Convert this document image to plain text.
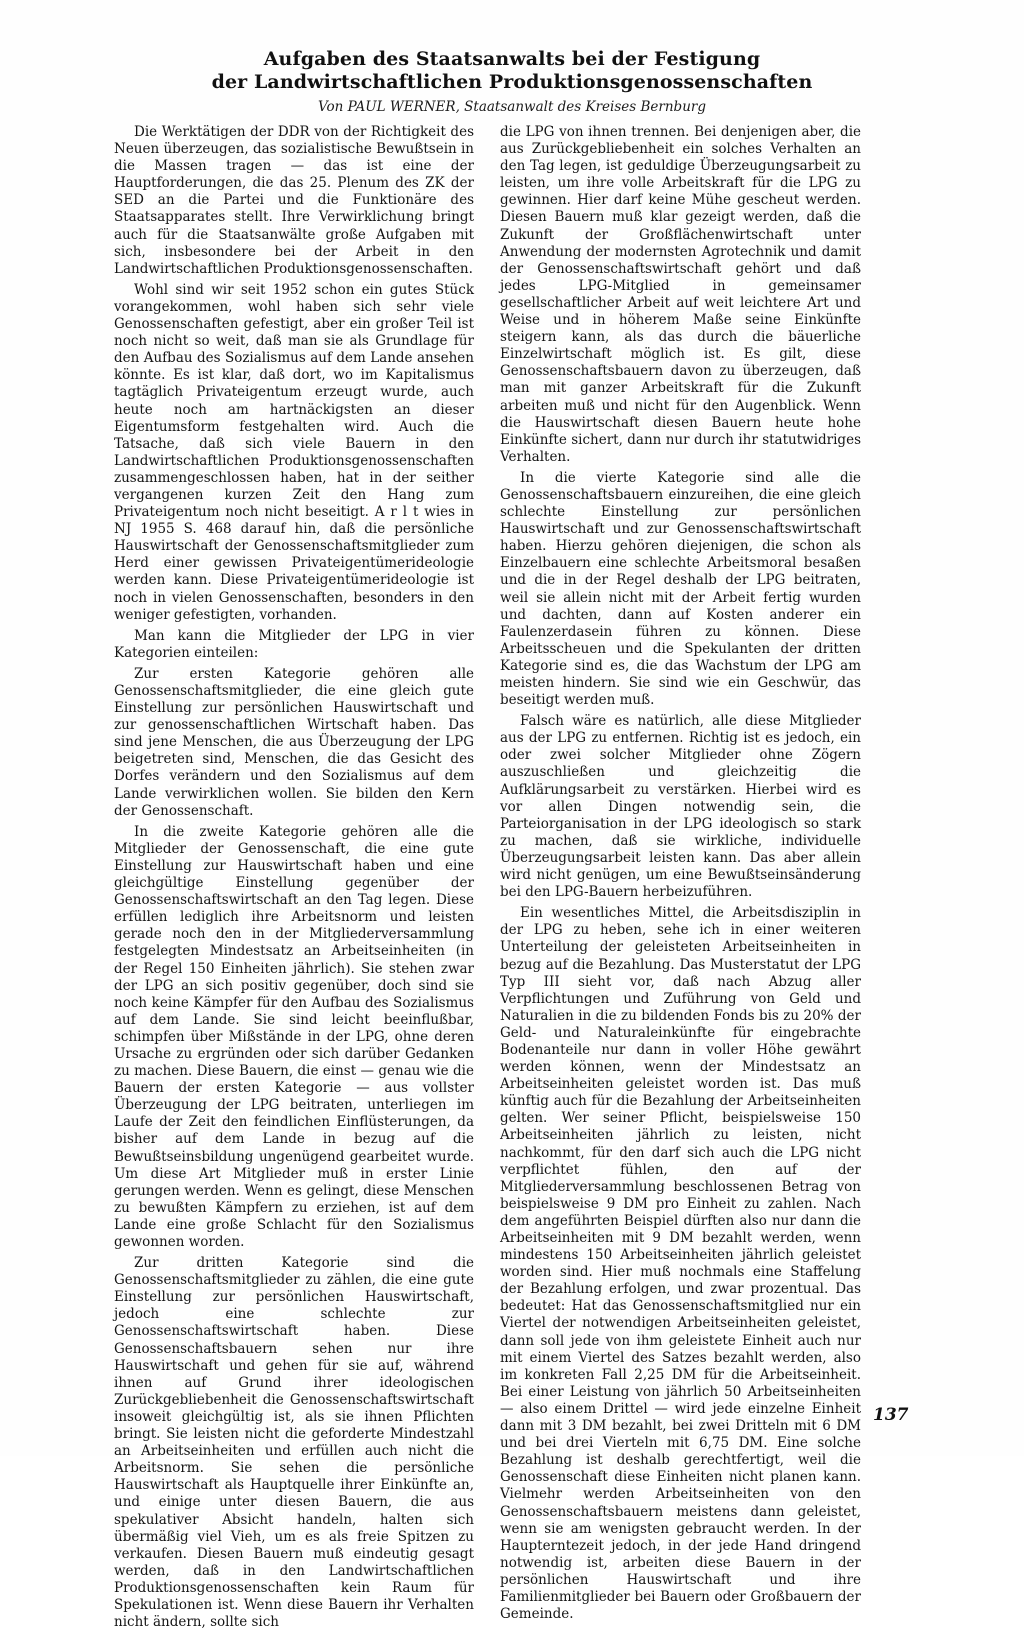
Aufgaben des Staatsanwalts bei der Festigung
der Landwirtschaftlichen Produktionsgenossenschaften
Von PAUL WERNER, Staatsanwalt des Kreises Bernburg

Die Werktätigen der DDR von der Richtigkeit des Neuen überzeugen, das sozialistische Bewußtsein in die Massen tragen — das ist eine der Hauptforderungen, die das 25. Plenum des ZK der SED an die Partei und die Funktionäre des Staatsapparates stellt. Ihre Verwirklichung bringt auch für die Staatsanwälte große Aufgaben mit sich, insbesondere bei der Arbeit in den Landwirtschaftlichen Produktionsgenossenschaften.

Wohl sind wir seit 1952 schon ein gutes Stück vorangekommen, wohl haben sich sehr viele Genossenschaften gefestigt, aber ein großer Teil ist noch nicht so weit, daß man sie als Grundlage für den Aufbau des Sozialismus auf dem Lande ansehen könnte. Es ist klar, daß dort, wo im Kapitalismus tagtäglich Privateigentum erzeugt wurde, auch heute noch am hartnäckigsten an dieser Eigentumsform festgehalten wird. Auch die Tatsache, daß sich viele Bauern in den Landwirtschaftlichen Produktionsgenossenschaften zusammengeschlossen haben, hat in der seither vergangenen kurzen Zeit den Hang zum Privateigentum noch nicht beseitigt. A r l t wies in NJ 1955 S. 468 darauf hin, daß die persönliche Hauswirtschaft der Genossenschaftsmitglieder zum Herd einer gewissen Privateigentümerideologie werden kann. Diese Privateigentümerideologie ist noch in vielen Genossenschaften, besonders in den weniger gefestigten, vorhanden.

Man kann die Mitglieder der LPG in vier Kategorien einteilen:

Zur ersten Kategorie gehören alle Genossenschaftsmitglieder, die eine gleich gute Einstellung zur persönlichen Hauswirtschaft und zur genossenschaftlichen Wirtschaft haben. Das sind jene Menschen, die aus Überzeugung der LPG beigetreten sind, Menschen, die das Gesicht des Dorfes verändern und den Sozialismus auf dem Lande verwirklichen wollen. Sie bilden den Kern der Genossenschaft.

In die zweite Kategorie gehören alle die Mitglieder der Genossenschaft, die eine gute Einstellung zur Hauswirtschaft haben und eine gleichgültige Einstellung gegenüber der Genossenschaftswirtschaft an den Tag legen. Diese erfüllen lediglich ihre Arbeitsnorm und leisten gerade noch den in der Mitgliederversammlung festgelegten Mindestsatz an Arbeitseinheiten (in der Regel 150 Einheiten jährlich). Sie stehen zwar der LPG an sich positiv gegenüber, doch sind sie noch keine Kämpfer für den Aufbau des Sozialismus auf dem Lande. Sie sind leicht beeinflußbar, schimpfen über Mißstände in der LPG, ohne deren Ursache zu ergründen oder sich darüber Gedanken zu machen. Diese Bauern, die einst — genau wie die Bauern der ersten Kategorie — aus vollster Überzeugung der LPG beitraten, unterliegen im Laufe der Zeit den feindlichen Einflüsterungen, da bisher auf dem Lande in bezug auf die Bewußtseinsbildung ungenügend gearbeitet wurde. Um diese Art Mitglieder muß in erster Linie gerungen werden. Wenn es gelingt, diese Menschen zu bewußten Kämpfern zu erziehen, ist auf dem Lande eine große Schlacht für den Sozialismus gewonnen worden.

Zur dritten Kategorie sind die Genossenschaftsmitglieder zu zählen, die eine gute Einstellung zur persönlichen Hauswirtschaft, jedoch eine schlechte zur Genossenschaftswirtschaft haben. Diese Genossenschaftsbauern sehen nur ihre Hauswirtschaft und gehen für sie auf, während ihnen auf Grund ihrer ideologischen Zurückgebliebenheit die Genossenschaftswirtschaft insoweit gleichgültig ist, als sie ihnen Pflichten bringt. Sie leisten nicht die geforderte Mindestzahl an Arbeitseinheiten und erfüllen auch nicht die Arbeitsnorm. Sie sehen die persönliche Hauswirtschaft als Hauptquelle ihrer Einkünfte an, und einige unter diesen Bauern, die aus spekulativer Absicht handeln, halten sich übermäßig viel Vieh, um es als freie Spitzen zu verkaufen. Diesen Bauern muß eindeutig gesagt werden, daß in den Landwirtschaftlichen Produktionsgenossenschaften kein Raum für Spekulationen ist. Wenn diese Bauern ihr Verhalten nicht ändern, sollte sich

die LPG von ihnen trennen. Bei denjenigen aber, die aus Zurückgebliebenheit ein solches Verhalten an den Tag legen, ist geduldige Überzeugungsarbeit zu leisten, um ihre volle Arbeitskraft für die LPG zu gewinnen. Hier darf keine Mühe gescheut werden. Diesen Bauern muß klar gezeigt werden, daß die Zukunft der Großflächenwirtschaft unter Anwendung der modernsten Agrotechnik und damit der Genossenschaftswirtschaft gehört und daß jedes LPG-Mitglied in gemeinsamer gesellschaftlicher Arbeit auf weit leichtere Art und Weise und in höherem Maße seine Einkünfte steigern kann, als das durch die bäuerliche Einzelwirtschaft möglich ist. Es gilt, diese Genossenschaftsbauern davon zu überzeugen, daß man mit ganzer Arbeitskraft für die Zukunft arbeiten muß und nicht für den Augenblick. Wenn die Hauswirtschaft diesen Bauern heute hohe Einkünfte sichert, dann nur durch ihr statutwidriges Verhalten.

In die vierte Kategorie sind alle die Genossenschaftsbauern einzureihen, die eine gleich schlechte Einstellung zur persönlichen Hauswirtschaft und zur Genossenschaftswirtschaft haben. Hierzu gehören diejenigen, die schon als Einzelbauern eine schlechte Arbeitsmoral besaßen und die in der Regel deshalb der LPG beitraten, weil sie allein nicht mit der Arbeit fertig wurden und dachten, dann auf Kosten anderer ein Faulenzerdasein führen zu können. Diese Arbeitsscheuen und die Spekulanten der dritten Kategorie sind es, die das Wachstum der LPG am meisten hindern. Sie sind wie ein Geschwür, das beseitigt werden muß.

Falsch wäre es natürlich, alle diese Mitglieder aus der LPG zu entfernen. Richtig ist es jedoch, ein oder zwei solcher Mitglieder ohne Zögern auszuschließen und gleichzeitig die Aufklärungsarbeit zu verstärken. Hierbei wird es vor allen Dingen notwendig sein, die Parteiorganisation in der LPG ideologisch so stark zu machen, daß sie wirkliche, individuelle Überzeugungsarbeit leisten kann. Das aber allein wird nicht genügen, um eine Bewußtseinsänderung bei den LPG-Bauern herbeizuführen.

Ein wesentliches Mittel, die Arbeitsdisziplin in der LPG zu heben, sehe ich in einer weiteren Unterteilung der geleisteten Arbeitseinheiten in bezug auf die Bezahlung. Das Musterstatut der LPG Typ III sieht vor, daß nach Abzug aller Verpflichtungen und Zuführung von Geld und Naturalien in die zu bildenden Fonds bis zu 20% der Geld- und Naturaleinkünfte für eingebrachte Bodenanteile nur dann in voller Höhe gewährt werden können, wenn der Mindestsatz an Arbeitseinheiten geleistet worden ist. Das muß künftig auch für die Bezahlung der Arbeitseinheiten gelten. Wer seiner Pflicht, beispielsweise 150 Arbeitseinheiten jährlich zu leisten, nicht nachkommt, für den darf sich auch die LPG nicht verpflichtet fühlen, den auf der Mitgliederversammlung beschlossenen Betrag von beispielsweise 9 DM pro Einheit zu zahlen. Nach dem angeführten Beispiel dürften also nur dann die Arbeitseinheiten mit 9 DM bezahlt werden, wenn mindestens 150 Arbeitseinheiten jährlich geleistet worden sind. Hier muß nochmals eine Staffelung der Bezahlung erfolgen, und zwar prozentual. Das bedeutet: Hat das Genossenschaftsmitglied nur ein Viertel der notwendigen Arbeitseinheiten geleistet, dann soll jede von ihm geleistete Einheit auch nur mit einem Viertel des Satzes bezahlt werden, also im konkreten Fall 2,25 DM für die Arbeitseinheit. Bei einer Leistung von jährlich 50 Arbeitseinheiten — also einem Drittel — wird jede einzelne Einheit dann mit 3 DM bezahlt, bei zwei Dritteln mit 6 DM und bei drei Vierteln mit 6,75 DM. Eine solche Bezahlung ist deshalb gerechtfertigt, weil die Genossenschaft diese Einheiten nicht planen kann. Vielmehr werden Arbeitseinheiten von den Genossenschaftsbauern meistens dann geleistet, wenn sie am wenigsten gebraucht werden. In der Haupterntezeit jedoch, in der jede Hand dringend notwendig ist, arbeiten diese Bauern in der persönlichen Hauswirtschaft und ihre Familienmitglieder bei Bauern oder Großbauern der Gemeinde.

137
